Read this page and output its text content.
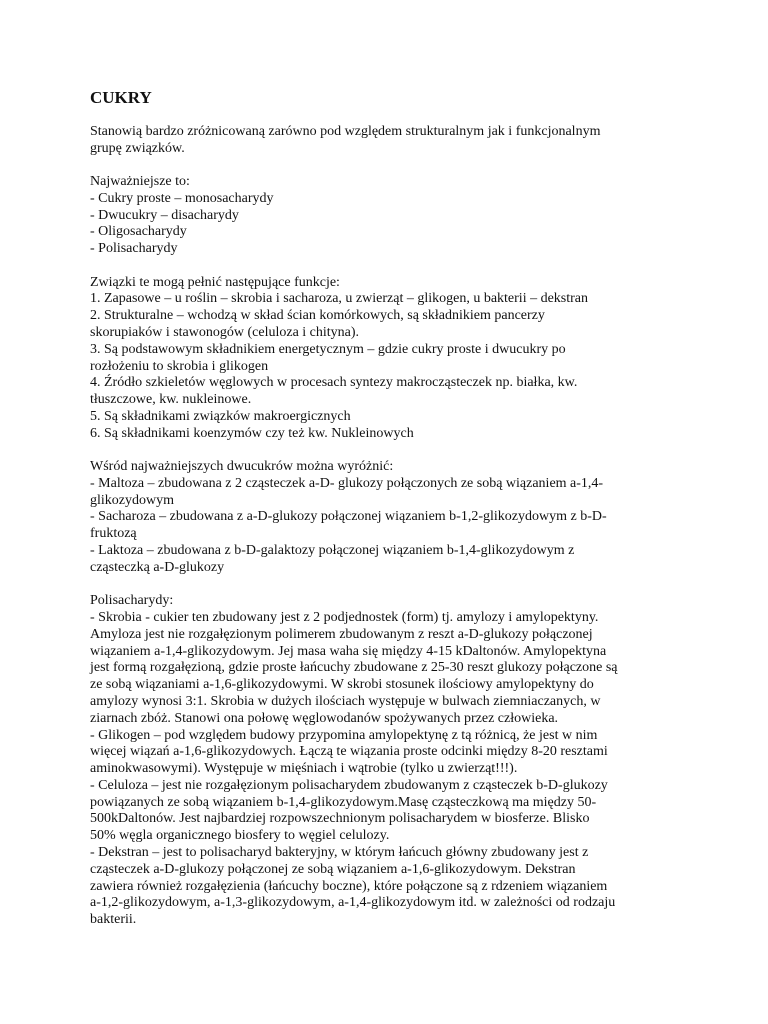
CUKRY
Stanowią bardzo zróżnicowaną zarówno pod względem strukturalnym jak i funkcjonalnym
grupę związków.
Najważniejsze to:
- Cukry proste – monosacharydy
- Dwucukry – disacharydy
- Oligosacharydy
- Polisacharydy
Związki te mogą pełnić następujące funkcje:
1. Zapasowe – u roślin – skrobia i sacharoza, u zwierząt – glikogen, u bakterii – dekstran
2. Strukturalne – wchodzą w skład ścian komórkowych, są składnikiem pancerzy
skorupiaków i stawonogów (celuloza i chityna).
3. Są podstawowym składnikiem energetycznym – gdzie cukry proste i dwucukry po
rozłożeniu to skrobia i glikogen
4. Źródło szkieletów węglowych w procesach syntezy makrocząsteczek np. białka, kw.
tłuszczowe, kw. nukleinowe.
5. Są składnikami związków makroergicznych
6. Są składnikami koenzymów czy też kw. Nukleinowych
Wśród najważniejszych dwucukrów można wyróżnić:
- Maltoza – zbudowana z 2 cząsteczek a-D- glukozy połączonych ze sobą wiązaniem a-1,4-
glikozydowym
- Sacharoza – zbudowana z a-D-glukozy połączonej wiązaniem b-1,2-glikozydowym z b-D-
fruktozą
- Laktoza – zbudowana z b-D-galaktozy połączonej wiązaniem b-1,4-glikozydowym z
cząsteczką a-D-glukozy
Polisacharydy:
- Skrobia - cukier ten zbudowany jest z 2 podjednostek (form) tj. amylozy i amylopektyny.
Amyloza jest nie rozgałęzionym polimerem zbudowanym z reszt a-D-glukozy połączonej
wiązaniem a-1,4-glikozydowym. Jej masa waha się między 4-15 kDaltonów. Amylopektyna
jest formą rozgałęzioną, gdzie proste łańcuchy zbudowane z 25-30 reszt glukozy połączone są
ze sobą wiązaniami a-1,6-glikozydowymi. W skrobi stosunek ilościowy amylopektyny do
amylozy wynosi 3:1. Skrobia w dużych ilościach występuje w bulwach ziemniaczanych, w
ziarnach zbóż. Stanowi ona połowę węglowodanów spożywanych przez człowieka.
- Glikogen – pod względem budowy przypomina amylopektynę z tą różnicą, że jest w nim
więcej wiązań a-1,6-glikozydowych. Łączą te wiązania proste odcinki między 8-20 resztami
aminokwasowymi). Występuje w mięśniach i wątrobie (tylko u zwierząt!!!).
- Celuloza – jest nie rozgałęzionym polisacharydem zbudowanym z cząsteczek b-D-glukozy
powiązanych ze sobą wiązaniem b-1,4-glikozydowym.Masę cząsteczkową ma między 50-
500kDaltonów. Jest najbardziej rozpowszechnionym polisacharydem w biosferze. Blisko
50% węgla organicznego biosfery to węgiel celulozy.
- Dekstran – jest to polisacharyd bakteryjny, w którym łańcuch główny zbudowany jest z
cząsteczek a-D-glukozy połączonej ze sobą wiązaniem a-1,6-glikozydowym. Dekstran
zawiera również rozgałęzienia (łańcuchy boczne), które połączone są z rdzeniem wiązaniem
a-1,2-glikozydowym, a-1,3-glikozydowym, a-1,4-glikozydowym itd. w zależności od rodzaju
bakterii.
